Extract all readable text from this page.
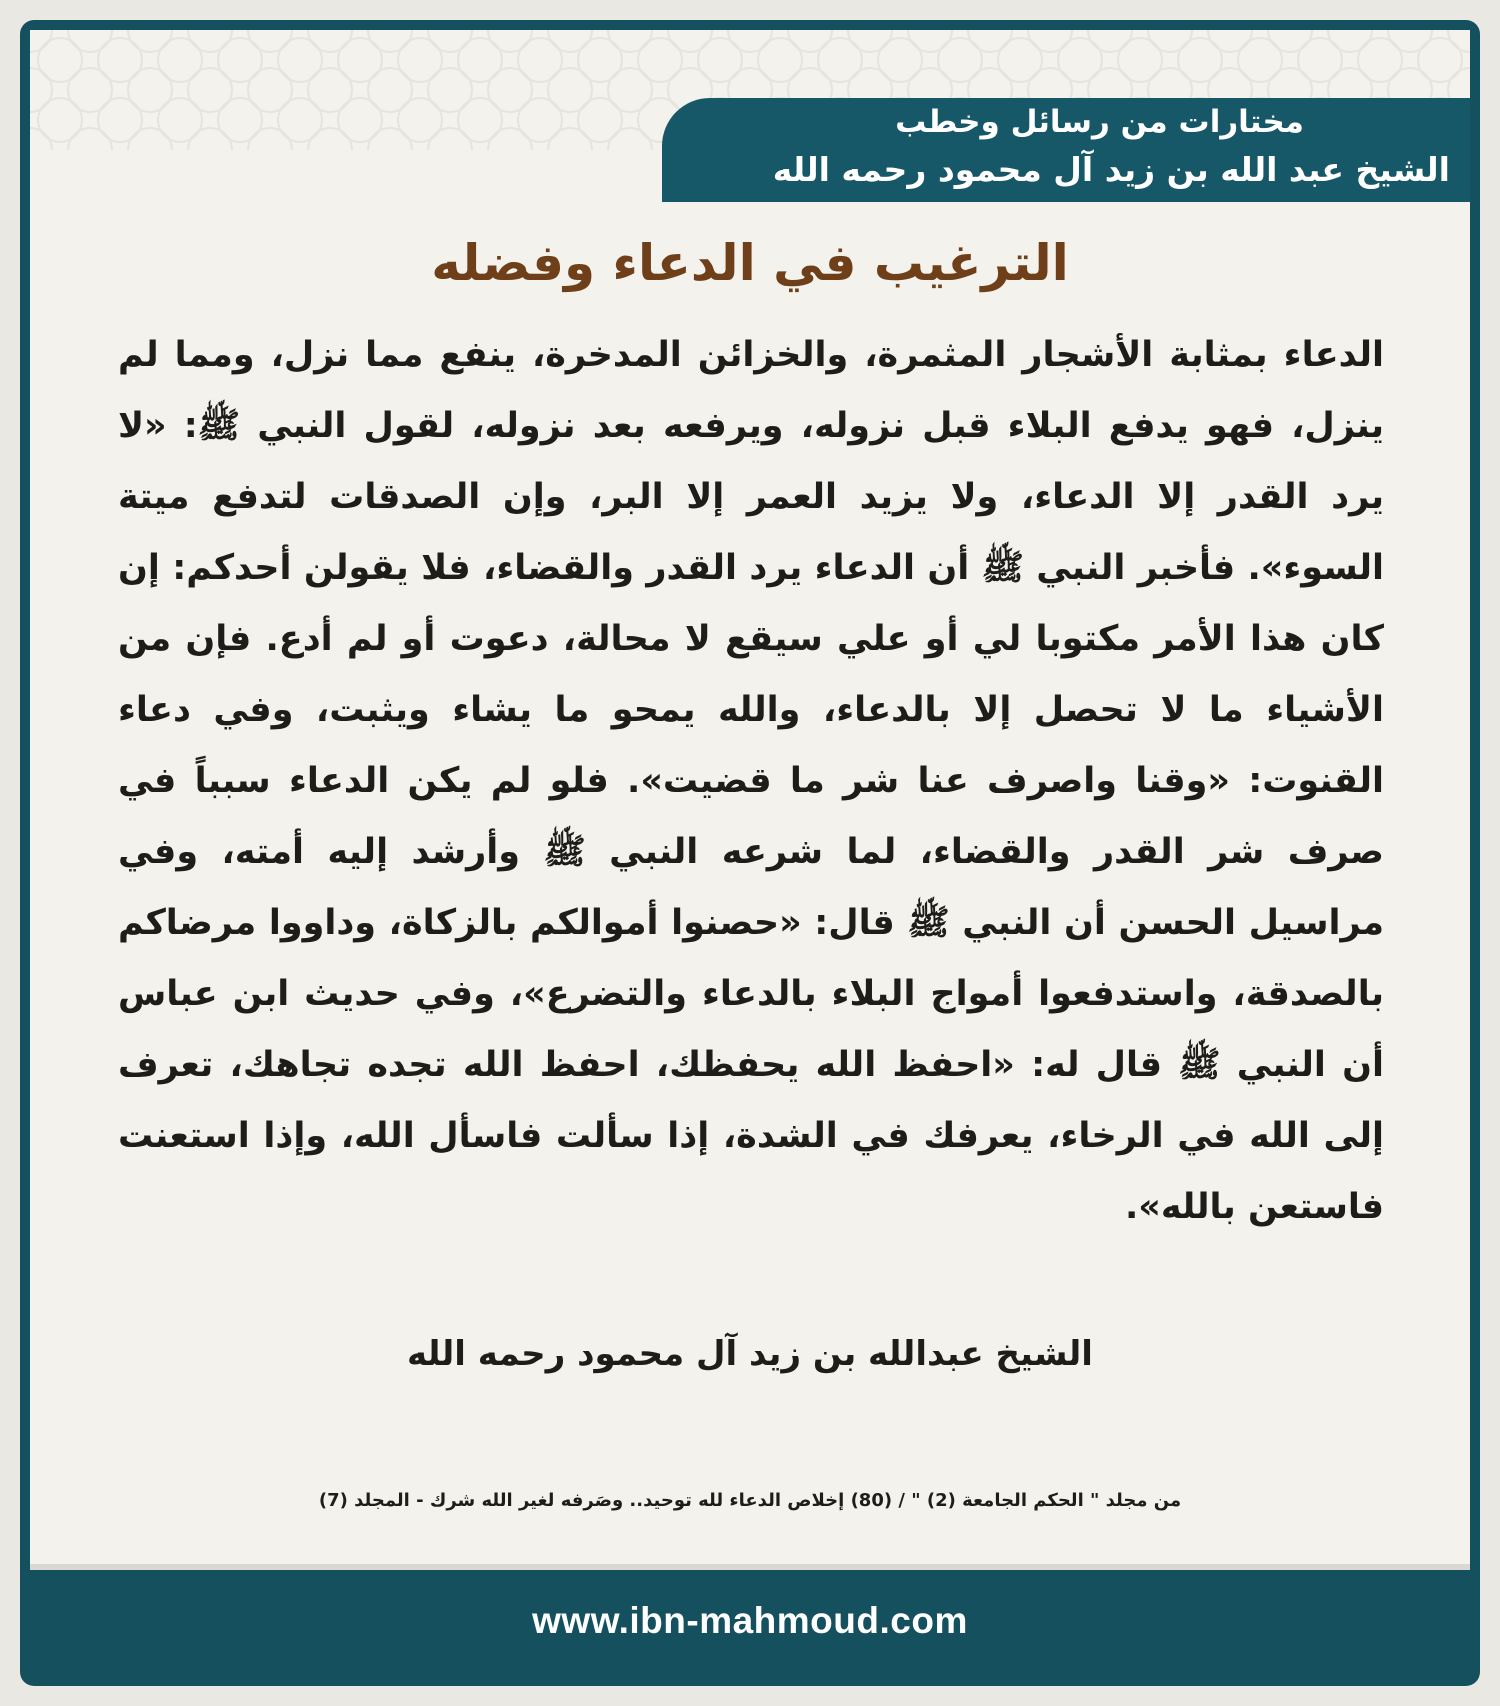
مختارات من رسائل وخطب
الشيخ عبد الله بن زيد آل محمود رحمه الله
الترغيب في الدعاء وفضله
الدعاء بمثابة الأشجار المثمرة، والخزائن المدخرة، ينفع مما نزل، ومما لم ينزل، فهو يدفع البلاء قبل نزوله، ويرفعه بعد نزوله، لقول النبي ﷺ: «لا يرد القدر إلا الدعاء، ولا يزيد العمر إلا البر، وإن الصدقات لتدفع ميتة السوء». فأخبر النبي ﷺ أن الدعاء يرد القدر والقضاء، فلا يقولن أحدكم: إن كان هذا الأمر مكتوبا لي أو علي سيقع لا محالة، دعوت أو لم أدع. فإن من الأشياء ما لا تحصل إلا بالدعاء، والله يمحو ما يشاء ويثبت، وفي دعاء القنوت: «وقنا واصرف عنا شر ما قضيت». فلو لم يكن الدعاء سبباً في صرف شر القدر والقضاء، لما شرعه النبي ﷺ وأرشد إليه أمته، وفي مراسيل الحسن أن النبي ﷺ قال: «حصنوا أموالكم بالزكاة، وداووا مرضاكم بالصدقة، واستدفعوا أمواج البلاء بالدعاء والتضرع»، وفي حديث ابن عباس أن النبي ﷺ قال له: «احفظ الله يحفظك، احفظ الله تجده تجاهك، تعرف إلى الله في الرخاء، يعرفك في الشدة، إذا سألت فاسأل الله، وإذا استعنت فاستعن بالله».
الشيخ عبدالله بن زيد آل محمود رحمه الله
من مجلد " الحكم الجامعة (2) " / (80) إخلاص الدعاء لله توحيد.. وصَرفه لغير الله شرك - المجلد (7)
www.ibn-mahmoud.com
